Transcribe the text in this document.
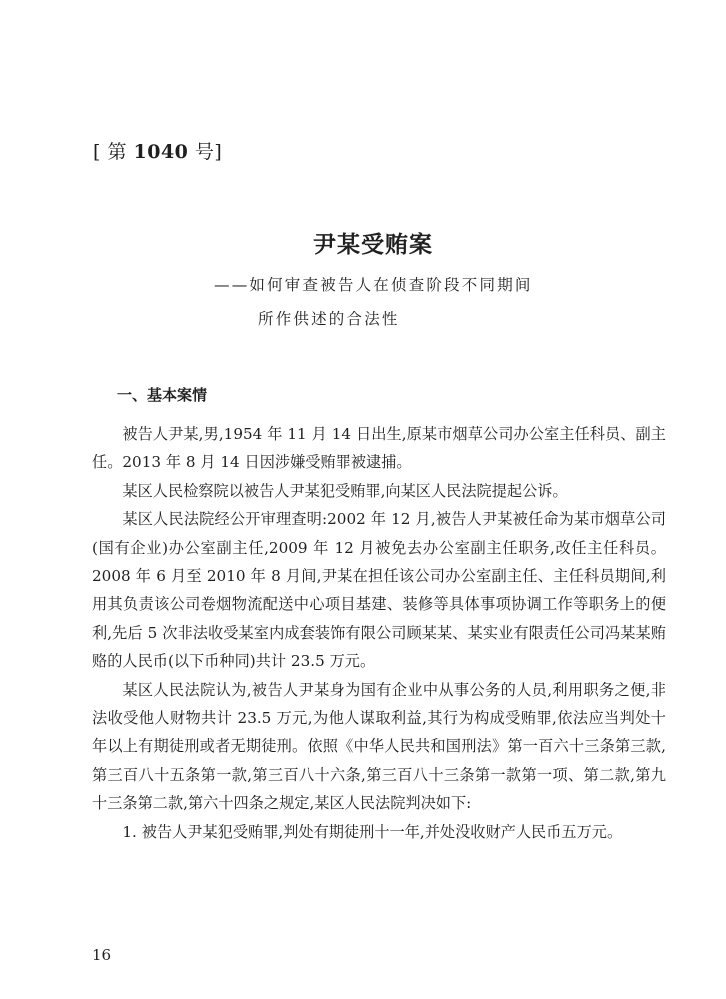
[ 第 1040 号]
尹某受贿案
——如何审查被告人在侦查阶段不同期间
所作供述的合法性
一、基本案情

被告人尹某,男,1954 年 11 月 14 日出生,原某市烟草公司办公室主任科员、副主任。2013 年 8 月 14 日因涉嫌受贿罪被逮捕。

某区人民检察院以被告人尹某犯受贿罪,向某区人民法院提起公诉。

某区人民法院经公开审理查明:2002 年 12 月,被告人尹某被任命为某市烟草公司(国有企业)办公室副主任,2009 年 12 月被免去办公室副主任职务,改任主任科员。2008 年 6 月至 2010 年 8 月间,尹某在担任该公司办公室副主任、主任科员期间,利用其负责该公司卷烟物流配送中心项目基建、装修等具体事项协调工作等职务上的便利,先后 5 次非法收受某室内成套装饰有限公司顾某某、某实业有限责任公司冯某某贿赂的人民币(以下币种同)共计 23.5 万元。

某区人民法院认为,被告人尹某身为国有企业中从事公务的人员,利用职务之便,非法收受他人财物共计 23.5 万元,为他人谋取利益,其行为构成受贿罪,依法应当判处十年以上有期徒刑或者无期徒刑。依照《中华人民共和国刑法》第一百六十三条第三款,第三百八十五条第一款,第三百八十六条,第三百八十三条第一款第一项、第二款,第九十三条第二款,第六十四条之规定,某区人民法院判决如下:

1. 被告人尹某犯受贿罪,判处有期徒刑十一年,并处没收财产人民币五万元。

16
